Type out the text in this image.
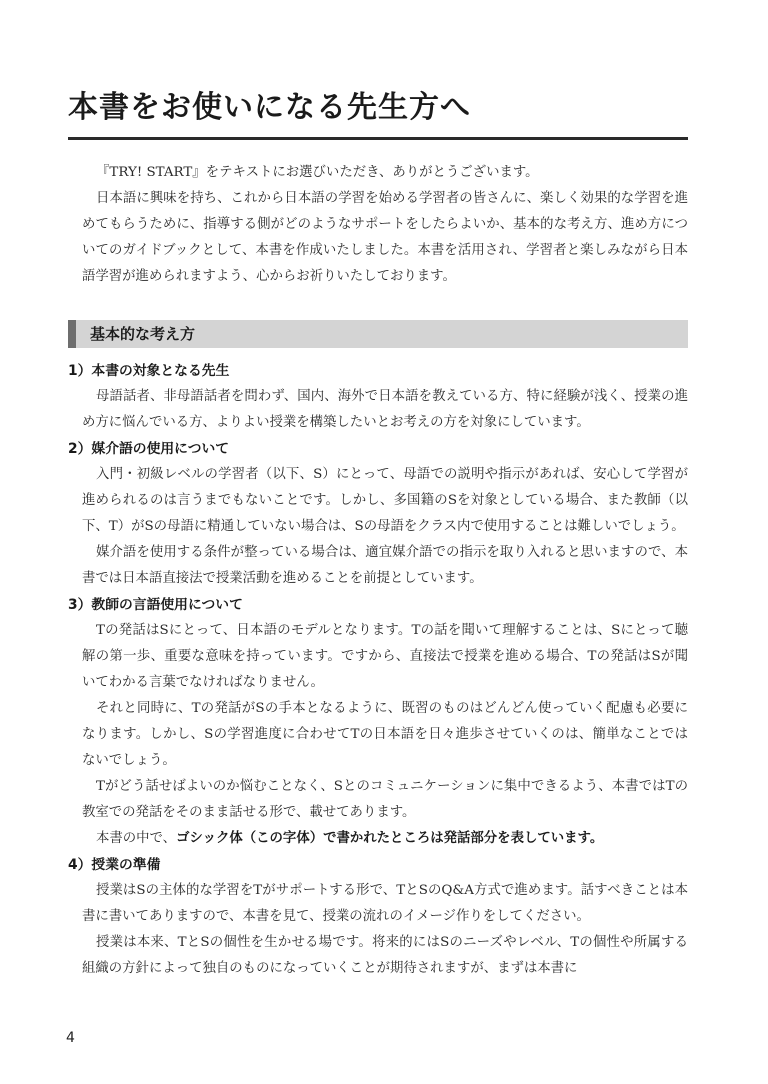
本書をお使いになる先生方へ

『TRY! START』をテキストにお選びいただき、ありがとうございます。

日本語に興味を持ち、これから日本語の学習を始める学習者の皆さんに、楽しく効果的な学習を進めてもらうために、指導する側がどのようなサポートをしたらよいか、基本的な考え方、進め方についてのガイドブックとして、本書を作成いたしました。本書を活用され、学習者と楽しみながら日本語学習が進められますよう、心からお祈りいたしております。

基本的な考え方

1）本書の対象となる先生

母語話者、非母語話者を問わず、国内、海外で日本語を教えている方、特に経験が浅く、授業の進め方に悩んでいる方、よりよい授業を構築したいとお考えの方を対象にしています。

2）媒介語の使用について

入門・初級レベルの学習者（以下、S）にとって、母語での説明や指示があれば、安心して学習が進められるのは言うまでもないことです。しかし、多国籍のSを対象としている場合、また教師（以下、T）がSの母語に精通していない場合は、Sの母語をクラス内で使用することは難しいでしょう。

媒介語を使用する条件が整っている場合は、適宜媒介語での指示を取り入れると思いますので、本書では日本語直接法で授業活動を進めることを前提としています。

3）教師の言語使用について

Tの発話はSにとって、日本語のモデルとなります。Tの話を聞いて理解することは、Sにとって聴解の第一歩、重要な意味を持っています。ですから、直接法で授業を進める場合、Tの発話はSが聞いてわかる言葉でなければなりません。

それと同時に、Tの発話がSの手本となるように、既習のものはどんどん使っていく配慮も必要になります。しかし、Sの学習進度に合わせてTの日本語を日々進歩させていくのは、簡単なことではないでしょう。

Tがどう話せばよいのか悩むことなく、Sとのコミュニケーションに集中できるよう、本書ではTの教室での発話をそのまま話せる形で、載せてあります。

本書の中で、ゴシック体（この字体）で書かれたところは発話部分を表しています。

4）授業の準備

授業はSの主体的な学習をTがサポートする形で、TとSのQ&A方式で進めます。話すべきことは本書に書いてありますので、本書を見て、授業の流れのイメージ作りをしてください。

授業は本来、TとSの個性を生かせる場です。将来的にはSのニーズやレベル、Tの個性や所属する組織の方針によって独自のものになっていくことが期待されますが、まずは本書に

4
